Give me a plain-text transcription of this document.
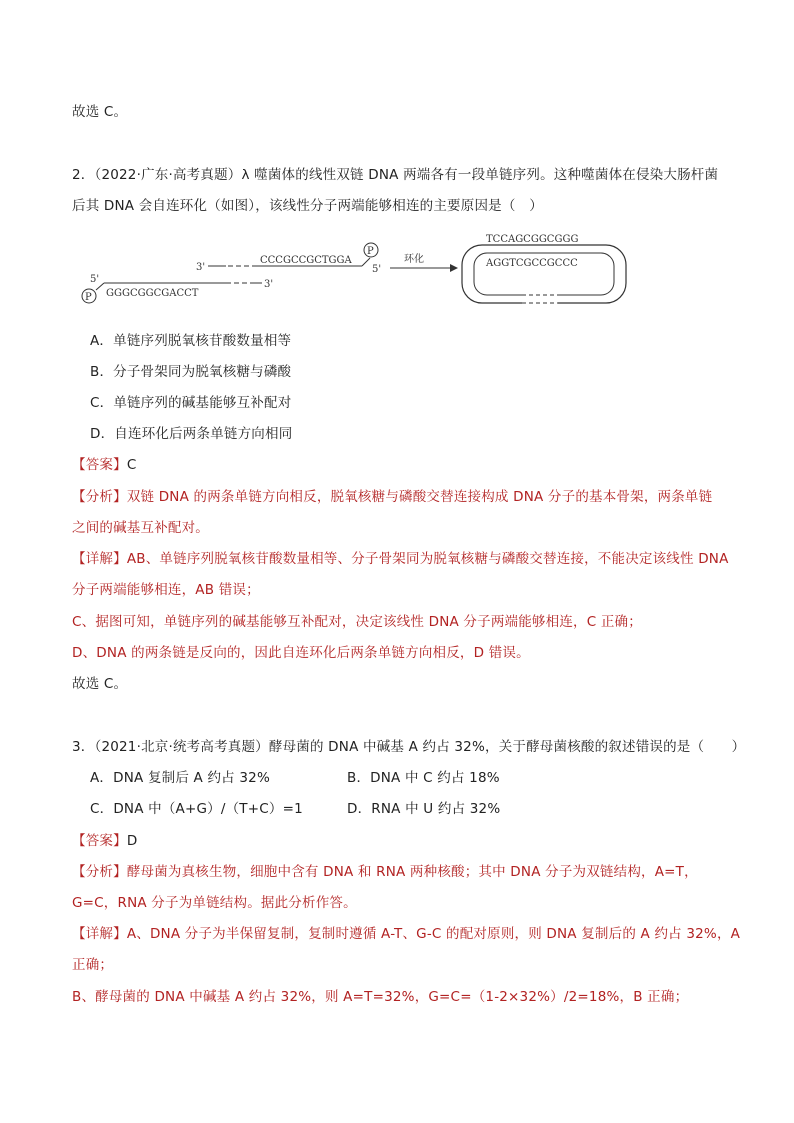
故选 C。
2．（2022·广东·高考真题）λ 噬菌体的线性双链 DNA 两端各有一段单链序列。这种噬菌体在侵染大肠杆菌
后其 DNA 会自连环化（如图），该线性分子两端能够相连的主要原因是（　）
3'
CCCGCCGCTGGA
P
5'
5'
P GGGCGGCGACCT
3'
环化
TCCAGCGGCGGG
AGGTCGCCGCCC
A．单链序列脱氧核苷酸数量相等
B．分子骨架同为脱氧核糖与磷酸
C．单链序列的碱基能够互补配对
D．自连环化后两条单链方向相同
【答案】C
【分析】双链 DNA 的两条单链方向相反，脱氧核糖与磷酸交替连接构成 DNA 分子的基本骨架，两条单链
之间的碱基互补配对。
【详解】AB、单链序列脱氧核苷酸数量相等、分子骨架同为脱氧核糖与磷酸交替连接，不能决定该线性 DNA
分子两端能够相连，AB 错误；
C、据图可知，单链序列的碱基能够互补配对，决定该线性 DNA 分子两端能够相连，C 正确；
D、DNA 的两条链是反向的，因此自连环化后两条单链方向相反，D 错误。
故选 C。
3．（2021·北京·统考高考真题）酵母菌的 DNA 中碱基 A 约占 32%，关于酵母菌核酸的叙述错误的是（　　）
A．DNA 复制后 A 约占 32%	B．DNA 中 C 约占 18%
C．DNA 中（A+G）/（T+C）=1	D．RNA 中 U 约占 32%
【答案】D
【分析】酵母菌为真核生物，细胞中含有 DNA 和 RNA 两种核酸；其中 DNA 分子为双链结构，A=T，
G=C，RNA 分子为单链结构。据此分析作答。
【详解】A、DNA 分子为半保留复制，复制时遵循 A-T、G-C 的配对原则，则 DNA 复制后的 A 约占 32%，A
正确；
B、酵母菌的 DNA 中碱基 A 约占 32%，则 A=T=32%，G=C=（1-2×32%）/2=18%，B 正确；
